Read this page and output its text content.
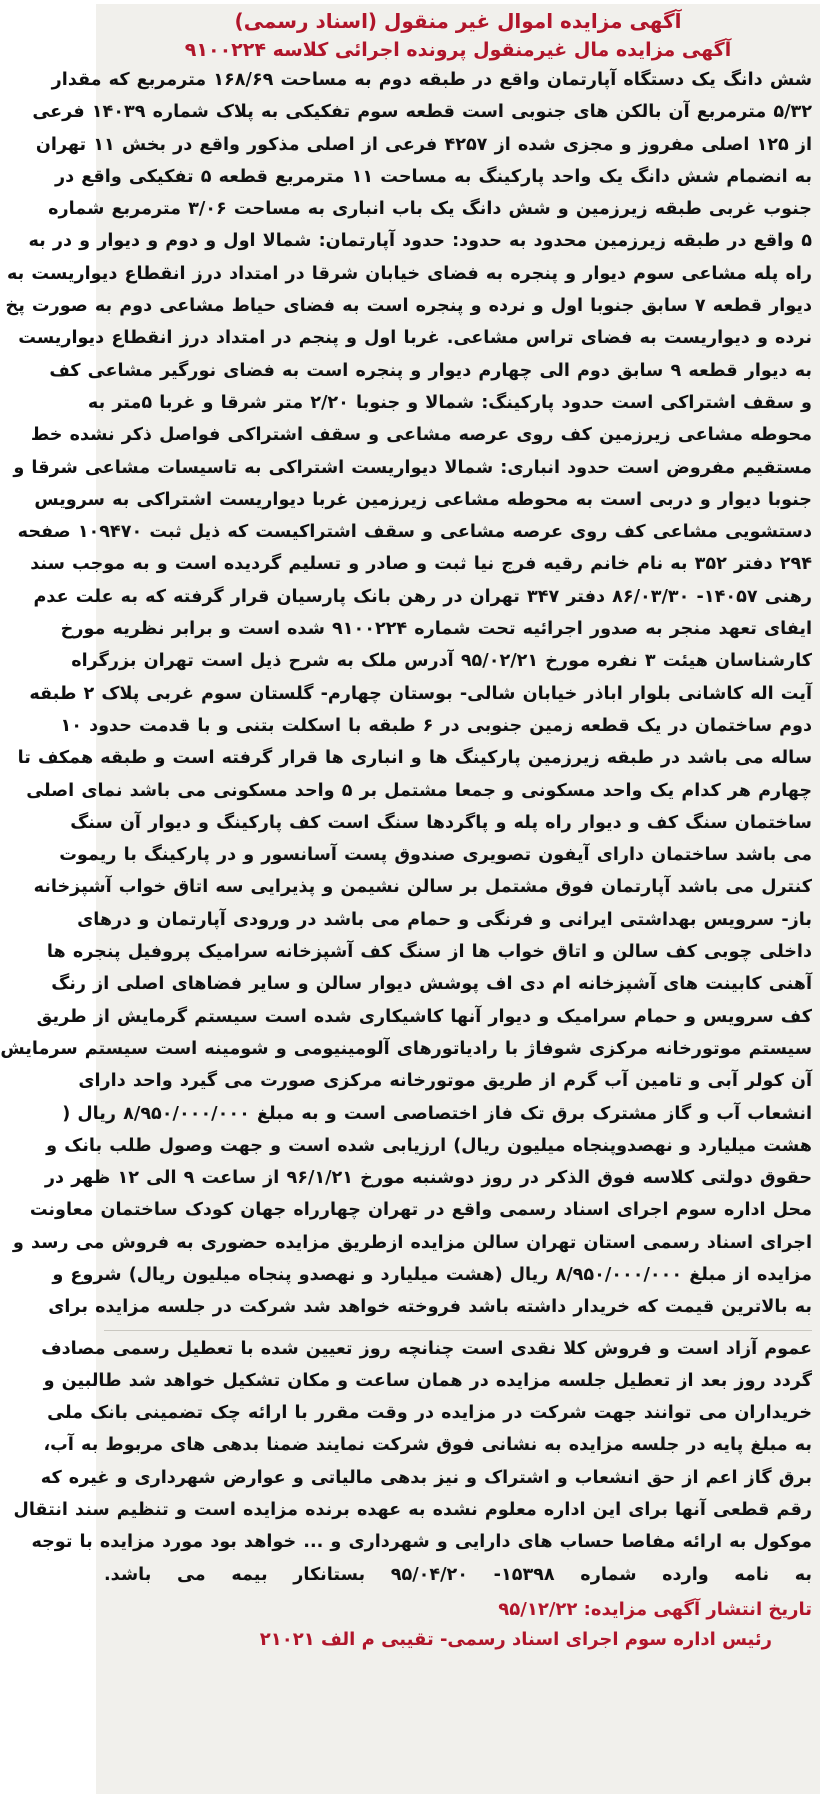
آگهی مزایده اموال غیر منقول (اسناد رسمی)
آگهی مزایده مال غیرمنقول پرونده اجرائی کلاسه ۹۱۰۰۲۲۴
شش دانگ یک دستگاه آپارتمان واقع در طبقه دوم به مساحت ۱۶۸/۶۹ مترمربع که مقدار
۵/۳۲ مترمربع آن بالکن های جنوبی است قطعه سوم تفکیکی به پلاک شماره ۱۴۰۳۹ فرعی
از ۱۲۵ اصلی مفروز و مجزی شده از ۴۲۵۷ فرعی از اصلی مذکور واقع در بخش ۱۱ تهران
به انضمام شش دانگ یک واحد پارکینگ به مساحت ۱۱ مترمربع قطعه ۵ تفکیکی واقع در
جنوب غربی طبقه زیرزمین و شش دانگ یک باب انباری به مساحت ۳/۰۶ مترمربع شماره
۵ واقع در طبقه زیرزمین محدود به حدود: حدود آپارتمان: شمالا اول و دوم و دیوار و در به
راه پله مشاعی سوم دیوار و پنجره به فضای خیابان شرقا در امتداد درز انقطاع دیواریست به
دیوار قطعه ۷ سابق جنوبا اول و نرده و پنجره است به فضای حیاط مشاعی دوم به صورت پخ
نرده و دیواریست به فضای تراس مشاعی. غربا اول و پنجم در امتداد درز انقطاع دیواریست
به دیوار قطعه ۹ سابق دوم الی چهارم دیوار و پنجره است به فضای نورگیر مشاعی کف
و سقف اشتراکی است حدود پارکینگ: شمالا و جنوبا ۲/۲۰ متر شرقا و غربا ۵متر به
محوطه مشاعی زیرزمین کف روی عرصه مشاعی و سقف اشتراکی فواصل ذکر نشده خط
مستقیم مفروض است حدود انباری: شمالا دیواریست اشتراکی به تاسیسات مشاعی شرقا و
جنوبا دیوار و دربی است به محوطه مشاعی زیرزمین غربا دیواریست اشتراکی به سرویس
دستشویی مشاعی کف روی عرصه مشاعی و سقف اشتراکیست که ذیل ثبت ۱۰۹۴۷۰ صفحه
۲۹۴ دفتر ۳۵۲ به نام خانم رقیه فرج نیا ثبت و صادر و تسلیم گردیده است و به موجب سند
رهنی ۱۴۰۵۷- ۸۶/۰۳/۳۰ دفتر ۳۴۷ تهران در رهن بانک پارسیان قرار گرفته که به علت عدم
ایفای تعهد منجر به صدور اجرائیه تحت شماره ۹۱۰۰۲۲۴ شده است و برابر نظریه مورخ
کارشناسان هیئت ۳ نفره مورخ ۹۵/۰۲/۲۱ آدرس ملک به شرح ذیل است تهران بزرگراه
آیت اله کاشانی بلوار اباذر خیابان شالی- بوستان چهارم- گلستان سوم غربی پلاک ۲ طبقه
دوم ساختمان در یک قطعه زمین جنوبی در ۶ طبقه با اسکلت بتنی و با قدمت حدود ۱۰
ساله می باشد در طبقه زیرزمین پارکینگ ها و انباری ها قرار گرفته است و طبقه همکف تا
چهارم هر کدام یک واحد مسکونی و جمعا مشتمل بر ۵ واحد مسکونی می باشد نمای اصلی
ساختمان سنگ کف و دیوار راه پله و پاگردها سنگ است کف پارکینگ و دیوار آن سنگ
می باشد ساختمان دارای آیفون تصویری صندوق پست آسانسور و در پارکینگ با ریموت
کنترل می باشد آپارتمان فوق مشتمل بر سالن نشیمن و پذیرایی سه اتاق خواب آشپزخانه
باز- سرویس بهداشتی ایرانی و فرنگی و حمام می باشد در ورودی آپارتمان و درهای
داخلی چوبی کف سالن و اتاق خواب ها از سنگ کف آشپزخانه سرامیک پروفیل پنجره ها
آهنی کابینت های آشپزخانه ام دی اف پوشش دیوار سالن و سایر فضاهای اصلی از رنگ
کف سرویس و حمام سرامیک و دیوار آنها کاشیکاری شده است سیستم گرمایش از طریق
سیستم موتورخانه مرکزی شوفاژ با رادیاتورهای آلومینیومی و شومینه است سیستم سرمایش
آن کولر آبی و تامین آب گرم از طریق موتورخانه مرکزی صورت می گیرد واحد دارای
انشعاب آب و گاز مشترک برق تک فاز اختصاصی است و به مبلغ ۸/۹۵۰/۰۰۰/۰۰۰ ریال (
هشت میلیارد و نهصدوپنجاه میلیون ریال) ارزیابی شده است و جهت وصول طلب بانک و
حقوق دولتی کلاسه فوق الذکر در روز دوشنبه مورخ ۹۶/۱/۲۱ از ساعت ۹ الی ۱۲ ظهر در
محل اداره سوم اجرای اسناد رسمی واقع در تهران چهارراه جهان کودک ساختمان معاونت
اجرای اسناد رسمی استان تهران سالن مزایده ازطریق مزایده حضوری به فروش می رسد و
مزایده از مبلغ ۸/۹۵۰/۰۰۰/۰۰۰ ریال (هشت میلیارد و نهصدو پنجاه میلیون ریال) شروع و
به بالاترین قیمت که خریدار داشته باشد فروخته خواهد شد شرکت در جلسه مزایده برای
عموم آزاد است و فروش کلا نقدی است چنانچه روز تعیین شده با تعطیل رسمی مصادف
گردد روز بعد از تعطیل جلسه مزایده در همان ساعت و مکان تشکیل خواهد شد طالبین و
خریداران می توانند جهت شرکت در مزایده در وقت مقرر با ارائه چک تضمینی بانک ملی
به مبلغ پایه در جلسه مزایده به نشانی فوق شرکت نمایند ضمنا بدهی های مربوط به آب،
برق گاز اعم از حق انشعاب و اشتراک و نیز بدهی مالیاتی و عوارض شهرداری و غیره که
رقم قطعی آنها برای این اداره معلوم نشده به عهده برنده مزایده است و تنظیم سند انتقال
موکول به ارائه مفاصا حساب های دارایی و شهرداری و ... خواهد بود مورد مزایده با توجه
به نامه وارده شماره ۱۵۳۹۸- ۹۵/۰۴/۲۰ بستانکار بیمه می باشد.
تاریخ انتشار آگهی مزایده: ۹۵/۱۲/۲۲
رئیس اداره سوم اجرای اسناد رسمی- تقیبی م الف ۲۱۰۲۱
